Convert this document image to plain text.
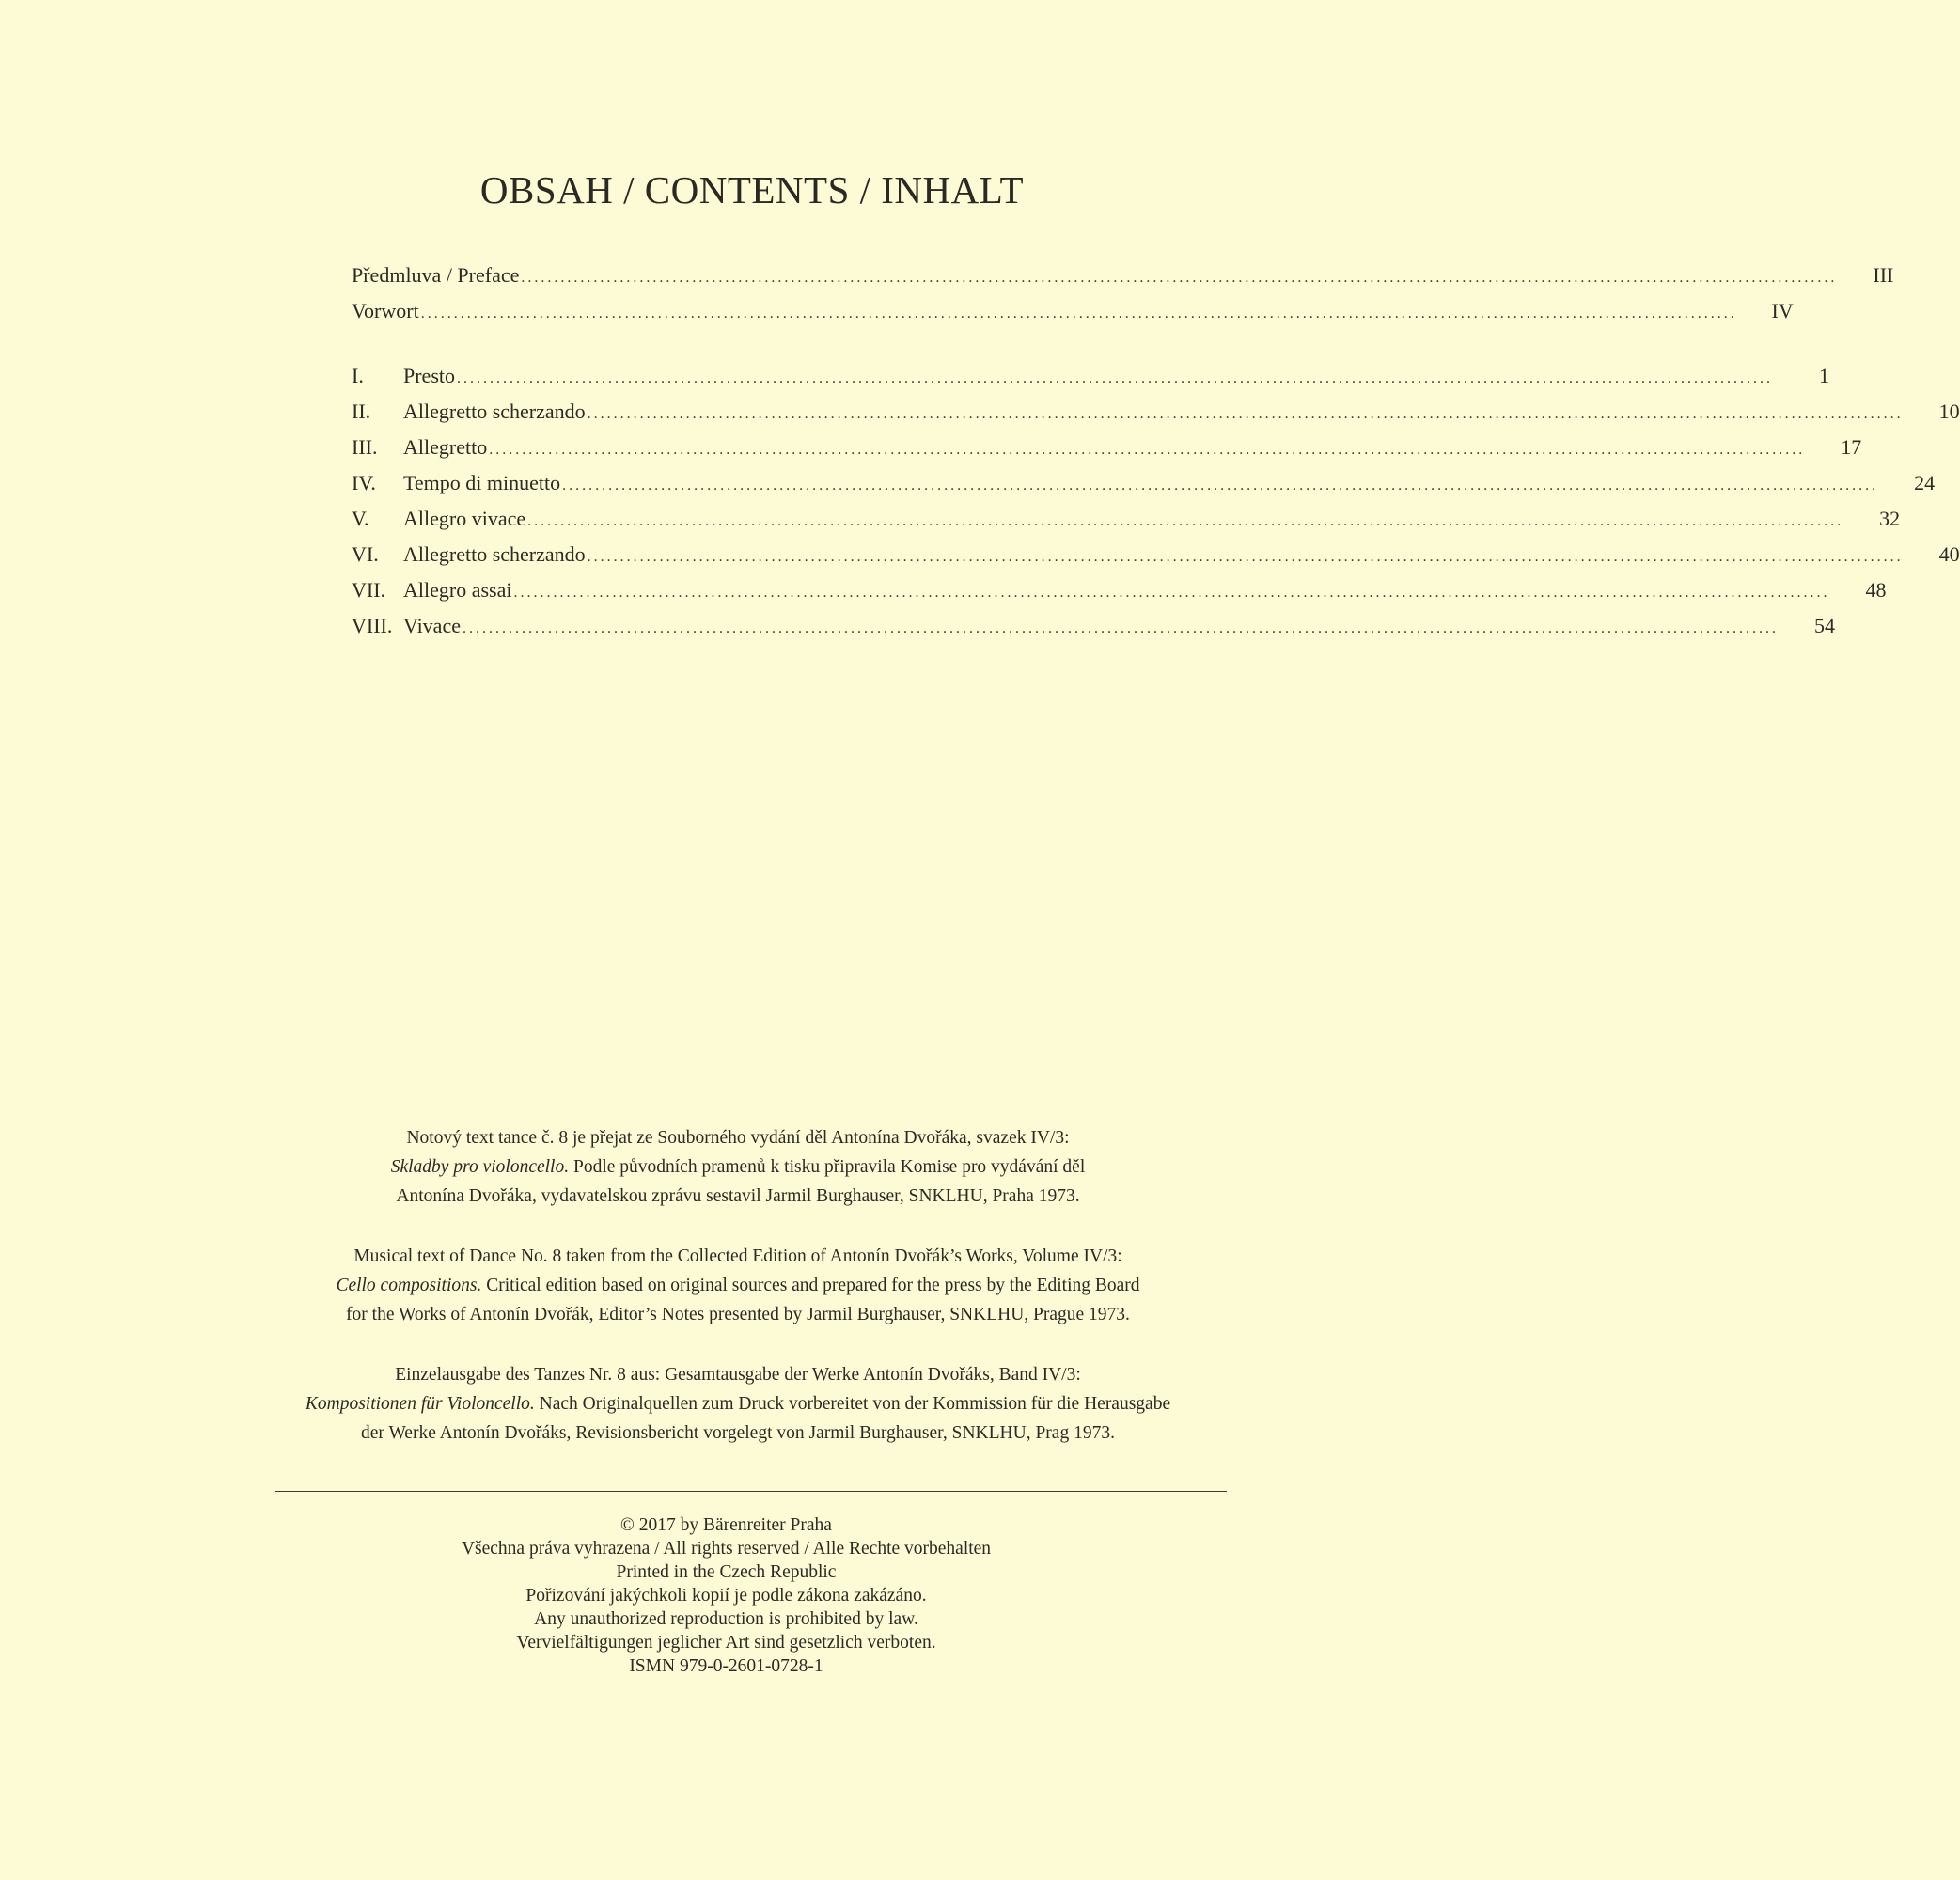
OBSAH / CONTENTS / INHALT
Předmluva / Preface ........................................................................................................................................................................................................	III
Vorwort ........................................................................................................................................................................................................	IV
I.	Presto ........................................................................................................................................................................................................	1
II.	Allegretto scherzando ........................................................................................................................................................................................................	10
III.	Allegretto ........................................................................................................................................................................................................	17
IV.	Tempo di minuetto ........................................................................................................................................................................................................	24
V.	Allegro vivace ........................................................................................................................................................................................................	32
VI.	Allegretto scherzando ........................................................................................................................................................................................................	40
VII. Allegro assai ........................................................................................................................................................................................................	48
VIII. Vivace ........................................................................................................................................................................................................	54
Notový text tance č. 8 je přejat ze Souborného vydání děl Antonína Dvořáka, svazek IV/3:
Skladby pro violoncello. Podle původních pramenů k tisku připravila Komise pro vydávání děl
Antonína Dvořáka, vydavatelskou zprávu sestavil Jarmil Burghauser, SNKLHU, Praha 1973.
Musical text of Dance No. 8 taken from the Collected Edition of Antonín Dvořák’s Works, Volume IV/3:
Cello compositions. Critical edition based on original sources and prepared for the press by the Editing Board
for the Works of Antonín Dvořák, Editor’s Notes presented by Jarmil Burghauser, SNKLHU, Prague 1973.
Einzelausgabe des Tanzes Nr. 8 aus: Gesamtausgabe der Werke Antonín Dvořáks, Band IV/3:
Kompositionen für Violoncello. Nach Originalquellen zum Druck vorbereitet von der Kommission für die Herausgabe
der Werke Antonín Dvořáks, Revisionsbericht vorgelegt von Jarmil Burghauser, SNKLHU, Prag 1973.
© 2017 by Bärenreiter Praha
Všechna práva vyhrazena / All rights reserved / Alle Rechte vorbehalten
Printed in the Czech Republic
Pořizování jakýchkoli kopií je podle zákona zakázáno.
Any unauthorized reproduction is prohibited by law.
Vervielfältigungen jeglicher Art sind gesetzlich verboten.
ISMN 979-0-2601-0728-1
